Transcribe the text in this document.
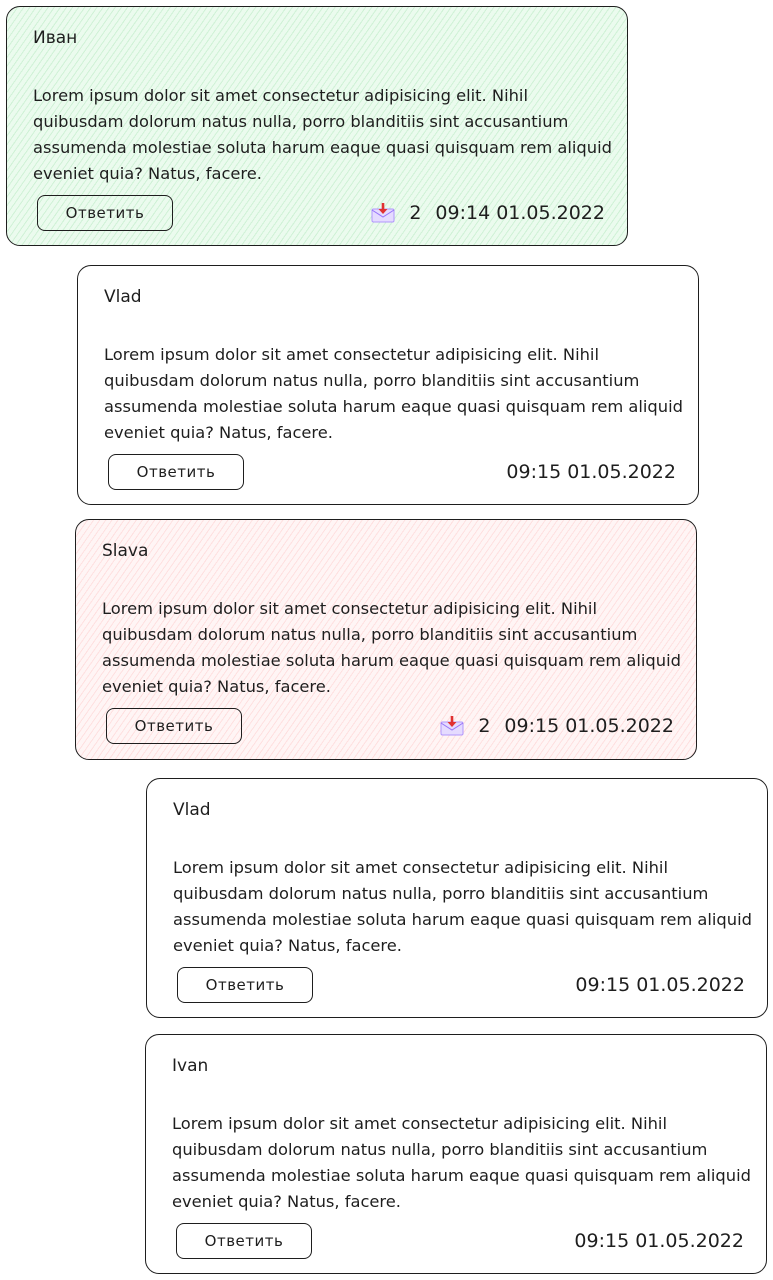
Иван

Lorem ipsum dolor sit amet consectetur adipisicing elit. Nihil quibusdam dolorum natus nulla, porro blanditiis sint accusantium assumenda molestiae soluta harum eaque quasi quisquam rem aliquid eveniet quia? Natus, facere.

Ответить	2 09:14 01.05.2022
Vlad

Lorem ipsum dolor sit amet consectetur adipisicing elit. Nihil quibusdam dolorum natus nulla, porro blanditiis sint accusantium assumenda molestiae soluta harum eaque quasi quisquam rem aliquid eveniet quia? Natus, facere.

Ответить	09:15 01.05.2022
Slava

Lorem ipsum dolor sit amet consectetur adipisicing elit. Nihil quibusdam dolorum natus nulla, porro blanditiis sint accusantium assumenda molestiae soluta harum eaque quasi quisquam rem aliquid eveniet quia? Natus, facere.

Ответить	2 09:15 01.05.2022
Vlad

Lorem ipsum dolor sit amet consectetur adipisicing elit. Nihil quibusdam dolorum natus nulla, porro blanditiis sint accusantium assumenda molestiae soluta harum eaque quasi quisquam rem aliquid eveniet quia? Natus, facere.

Ответить	09:15 01.05.2022
Ivan

Lorem ipsum dolor sit amet consectetur adipisicing elit. Nihil quibusdam dolorum natus nulla, porro blanditiis sint accusantium assumenda molestiae soluta harum eaque quasi quisquam rem aliquid eveniet quia? Natus, facere.

Ответить	09:15 01.05.2022
